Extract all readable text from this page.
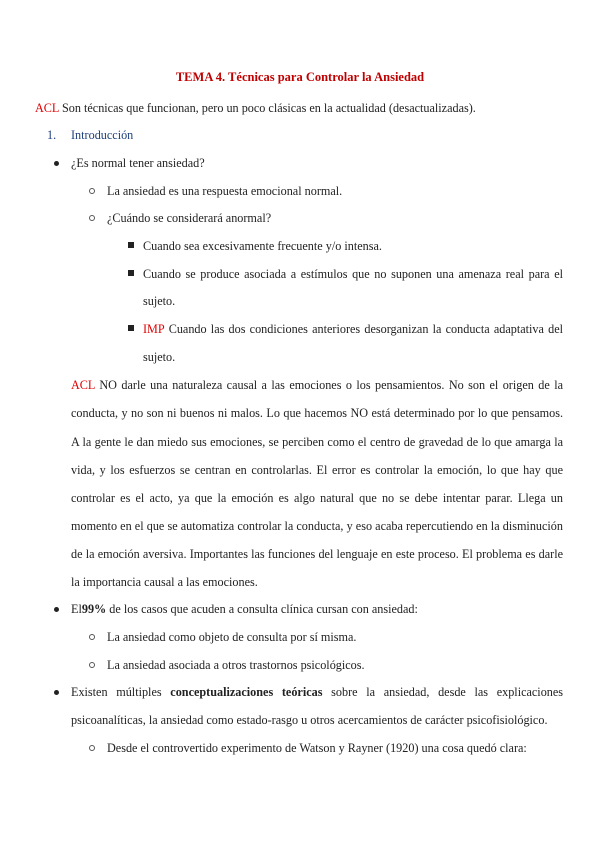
TEMA 4. Técnicas para Controlar la Ansiedad
ACL Son técnicas que funcionan, pero un poco clásicas en la actualidad (desactualizadas).
1. Introducción
¿Es normal tener ansiedad?
La ansiedad es una respuesta emocional normal.
¿Cuándo se considerará anormal?
Cuando sea excesivamente frecuente y/o intensa.
Cuando se produce asociada a estímulos que no suponen una amenaza real para el
sujeto.
IMP Cuando las dos condiciones anteriores desorganizan la conducta adaptativa del
sujeto.
ACL NO darle una naturaleza causal a las emociones o los pensamientos. No son el origen de la
conducta, y no son ni buenos ni malos. Lo que hacemos NO está determinado por lo que pensamos.
A la gente le dan miedo sus emociones, se perciben como el centro de gravedad de lo que amarga la
vida, y los esfuerzos se centran en controlarlas. El error es controlar la emoción, lo que hay que
controlar es el acto, ya que la emoción es algo natural que no se debe intentar parar. Llega un
momento en el que se automatiza controlar la conducta, y eso acaba repercutiendo en la disminución
de la emoción aversiva. Importantes las funciones del lenguaje en este proceso. El problema es darle
la importancia causal a las emociones.
El99% de los casos que acuden a consulta clínica cursan con ansiedad:
La ansiedad como objeto de consulta por sí misma.
La ansiedad asociada a otros trastornos psicológicos.
Existen múltiples conceptualizaciones teóricas sobre la ansiedad, desde las explicaciones
psicoanalíticas, la ansiedad como estado-rasgo u otros acercamientos de carácter psicofisiológico.
Desde el controvertido experimento de Watson y Rayner (1920) una cosa quedó clara:
